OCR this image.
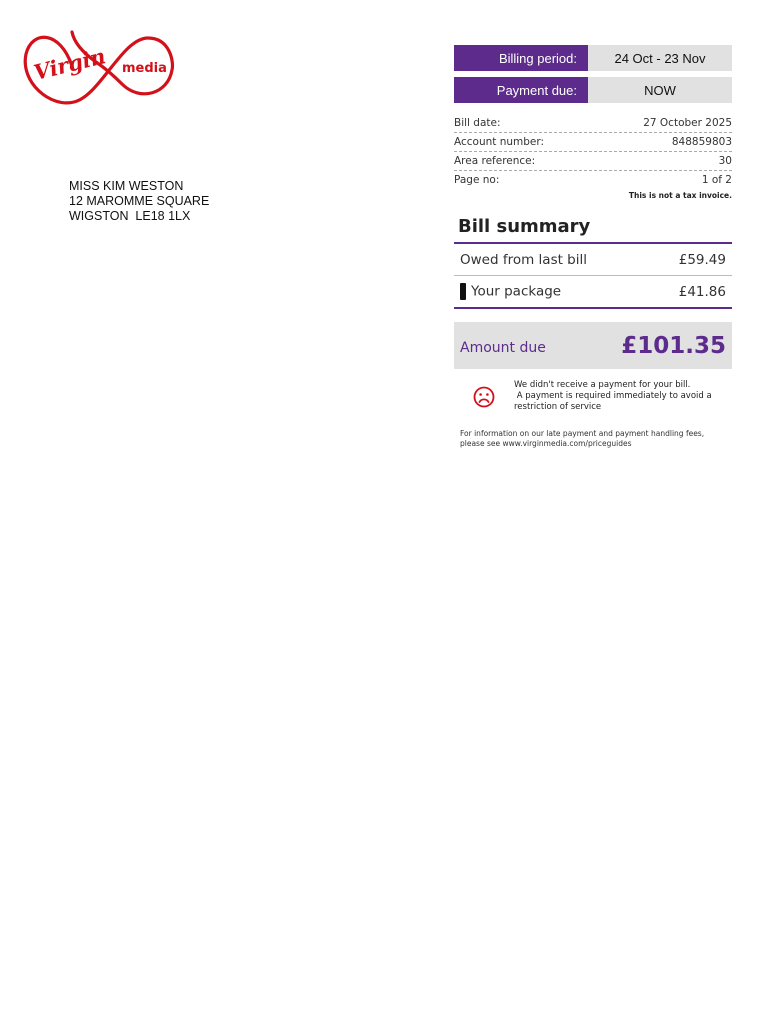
Virgin media
MISS KIM WESTON
12 MAROMME SQUARE
WIGSTON  LE18 1LX
Billing period:	24 Oct - 23 Nov
Payment due:	NOW
Bill date:	27 October 2025
Account number:	848859803
Area reference:	30
Page no:	1 of 2
This is not a tax invoice.
Bill summary
Owed from last bill	£59.49
Your package	£41.86
Amount due	£101.35
We didn't receive a payment for your bill.
A payment is required immediately to avoid a restriction of service
For information on our late payment and payment handling fees,
please see www.virginmedia.com/priceguides
